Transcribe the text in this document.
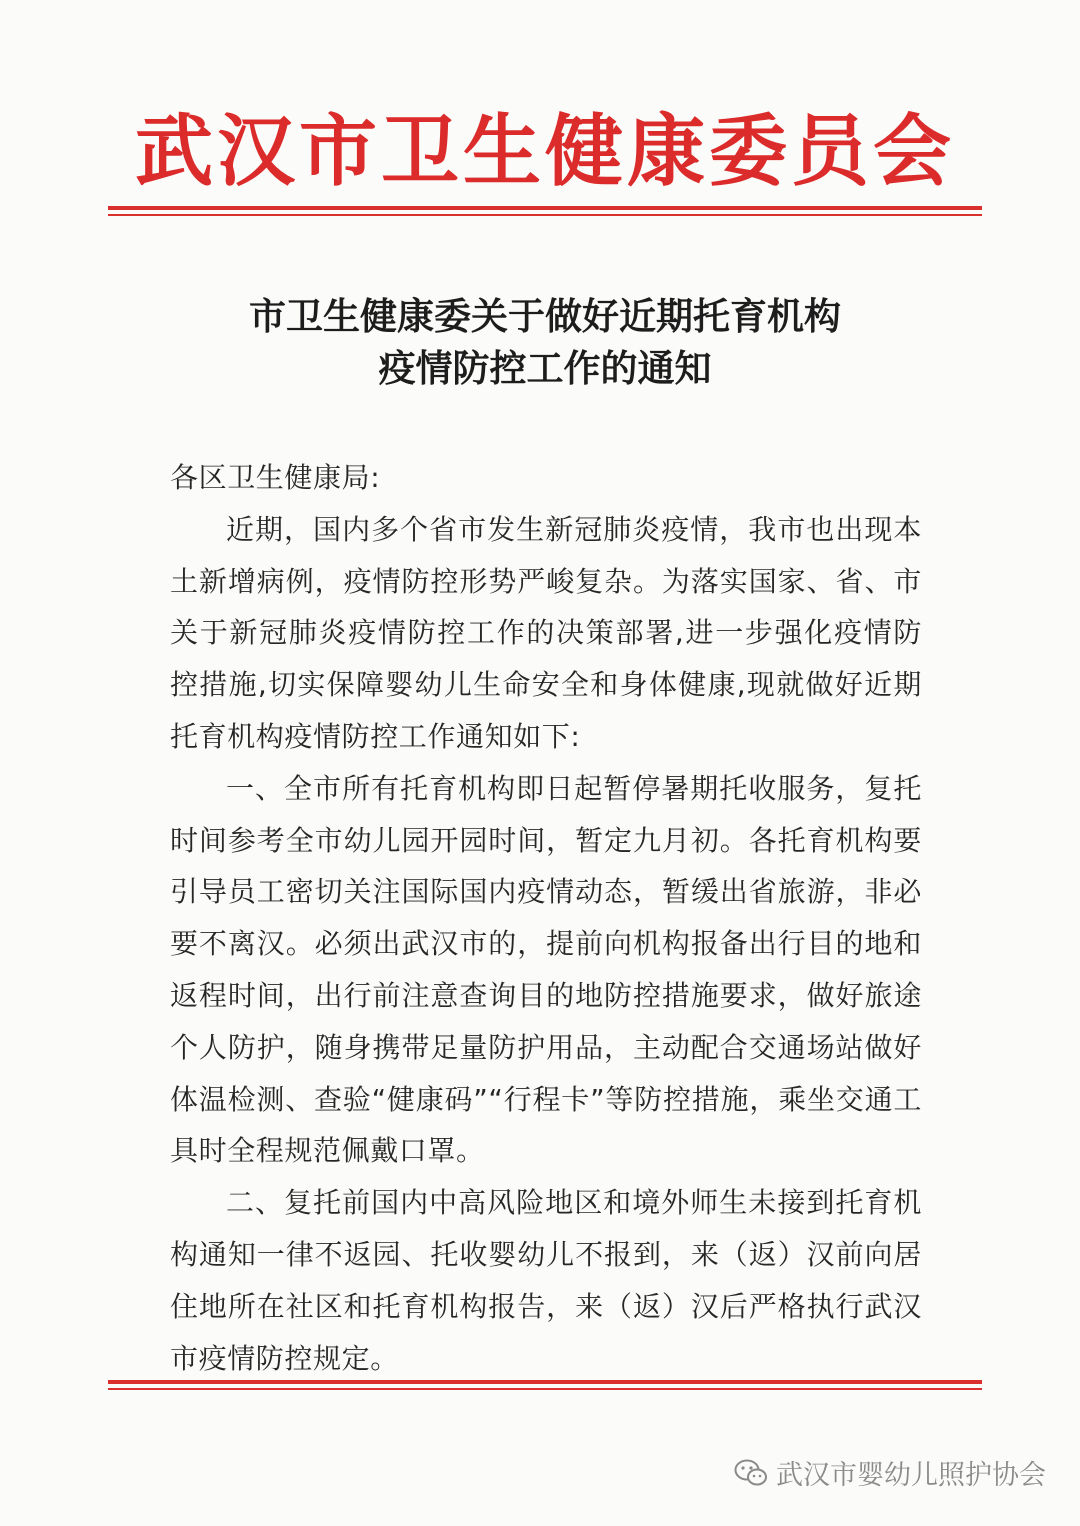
武汉市卫生健康委员会
市卫生健康委关于做好近期托育机构
疫情防控工作的通知

各区卫生健康局:

近期，国内多个省市发生新冠肺炎疫情，我市也出现本土新增病例，疫情防控形势严峻复杂。为落实国家、省、市关于新冠肺炎疫情防控工作的决策部署,进一步强化疫情防控措施,切实保障婴幼儿生命安全和身体健康,现就做好近期托育机构疫情防控工作通知如下:

一、全市所有托育机构即日起暂停暑期托收服务，复托时间参考全市幼儿园开园时间，暂定九月初。各托育机构要引导员工密切关注国际国内疫情动态，暂缓出省旅游，非必要不离汉。必须出武汉市的，提前向机构报备出行目的地和返程时间，出行前注意查询目的地防控措施要求，做好旅途个人防护，随身携带足量防护用品，主动配合交通场站做好体温检测、查验“健康码”“行程卡”等防控措施，乘坐交通工具时全程规范佩戴口罩。

二、复托前国内中高风险地区和境外师生未接到托育机构通知一律不返园、托收婴幼儿不报到，来（返）汉前向居住地所在社区和托育机构报告，来（返）汉后严格执行武汉市疫情防控规定。

武汉市婴幼儿照护协会
